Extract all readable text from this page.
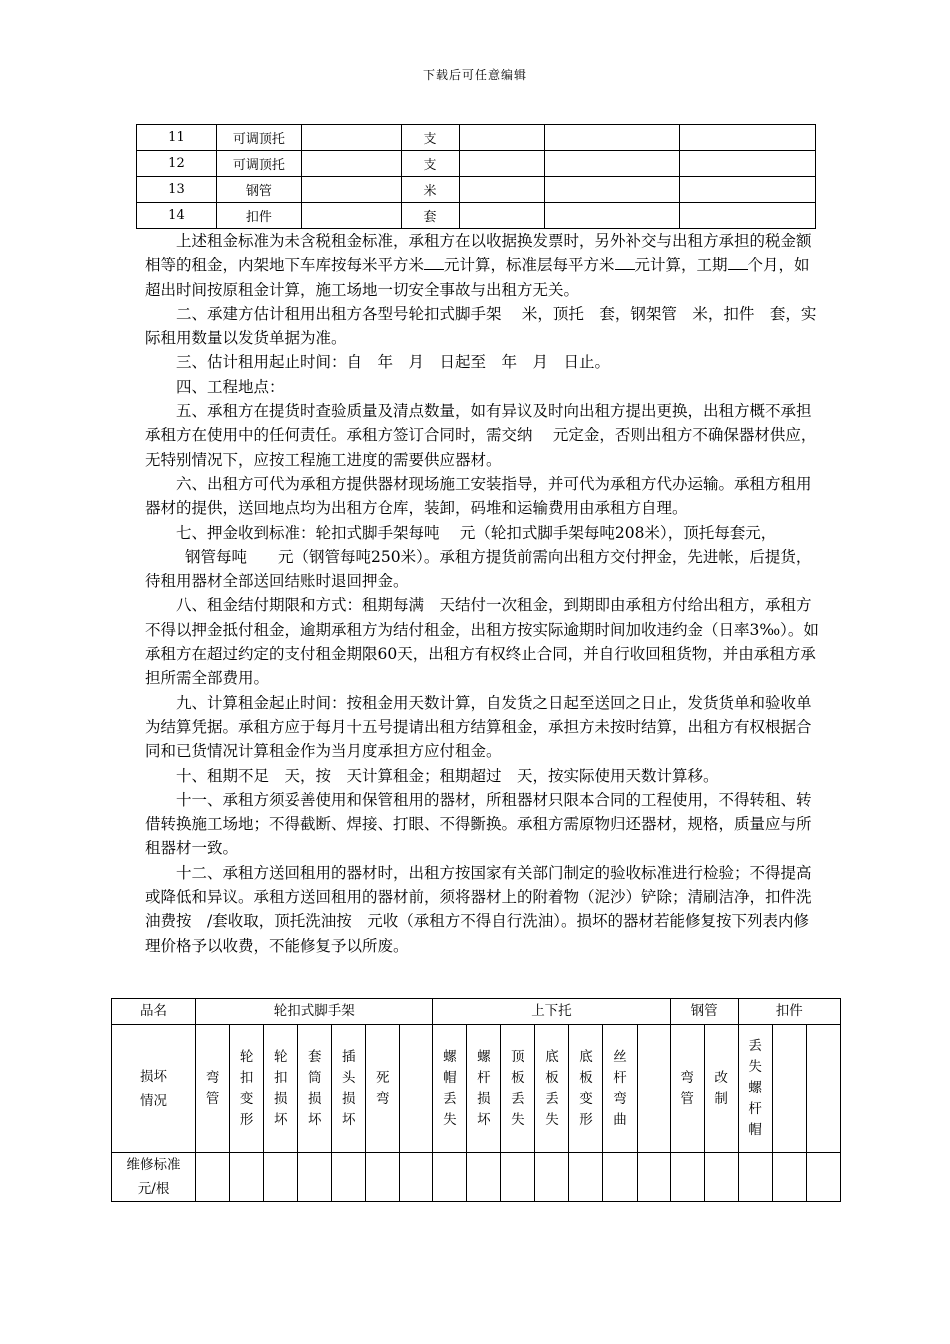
下载后可任意编辑
11	可调顶托		支			
12	可调顶托		支			
13	钢管		米			
14	扣件		套			

上述租金标准为未含税租金标准，承租方在以收据换发票时，另外补交与出租方承担的税金额相等的租金，内架地下车库按每米平方米 元计算，标准层每平方米 元计算，工期 个月，如超出时间按原租金计算，施工场地一切安全事故与出租方无关。

二、承建方估计租用出租方各型号轮扣式脚手架　 米，顶托　套，钢架管　米，扣件　套，实际租用数量以发货单据为准。

三、估计租用起止时间：自　年　月　日起至　年　月　日止。

四、工程地点：

五、承租方在提货时查验质量及清点数量，如有异议及时向出租方提出更换，出租方概不承担承租方在使用中的任何责任。承租方签订合同时，需交纳　 元定金，否则出租方不确保器材供应，无特别情况下，应按工程施工进度的需要供应器材。

六、出租方可代为承租方提供器材现场施工安装指导，并可代为承租方代办运输。承租方租用器材的提供，送回地点均为出租方仓库，装卸，码堆和运输费用由承租方自理。

七、押金收到标准：轮扣式脚手架每吨　 元（轮扣式脚手架每吨208米），顶托每套元，

钢管每吨　　元（钢管每吨250米）。承租方提货前需向出租方交付押金，先进帐，后提货，待租用器材全部送回结账时退回押金。

八、租金结付期限和方式：租期每满　天结付一次租金，到期即由承租方付给出租方，承租方不得以押金抵付租金，逾期承租方为结付租金，出租方按实际逾期时间加收违约金（日率3‰）。如承租方在超过约定的支付租金期限60天，出租方有权终止合同，并自行收回租货物，并由承租方承担所需全部费用。

九、计算租金起止时间：按租金用天数计算，自发货之日起至送回之日止，发货货单和验收单为结算凭据。承租方应于每月十五号提请出租方结算租金，承担方未按时结算，出租方有权根据合同和已货情况计算租金作为当月度承担方应付租金。

十、租期不足　天，按　天计算租金；租期超过　天，按实际使用天数计算移。

十一、承租方须妥善使用和保管租用的器材，所租器材只限本合同的工程使用，不得转租、转借转换施工场地；不得截断、焊接、打眼、不得斵换。承租方需原物归还器材，规格，质量应与所租器材一致。

十二、承租方送回租用的器材时，出租方按国家有关部门制定的验收标准进行检验；不得提高或降低和异议。承租方送回租用的器材前，须将器材上的附着物（泥沙）铲除；清刷洁净，扣件洗油费按　/套收取，顶托洗油按　元收（承租方不得自行洗油）。损坏的器材若能修复按下列表内修理价格予以收费，不能修复予以所废。

品名	轮扣式脚手架							上下托							钢管		扣件		
损坏情况	弯管	轮扣变形	轮扣损坏	套筒损坏	插头损坏	死弯		螺帽丢失	螺杆损坏	顶板丢失	底板丢失	底板变形	丝杆弯曲		弯管	改制	丢失螺杆帽		
维修标准元/根																			
